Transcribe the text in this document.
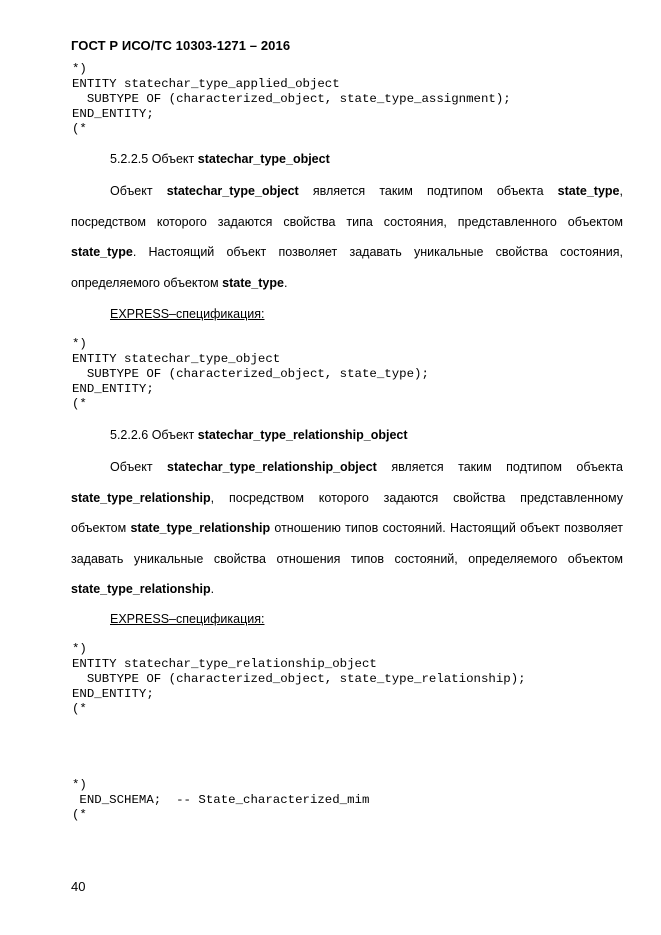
ГОСТ Р ИСО/ТС 10303-1271 – 2016
*)
ENTITY statechar_type_applied_object
SUBTYPE OF (characterized_object, state_type_assignment);
END_ENTITY;
(*
5.2.2.5 Объект statechar_type_object
Объект statechar_type_object является таким подтипом объекта state_type, посредством которого задаются свойства типа состояния, представленного объектом state_type. Настоящий объект позволяет задавать уникальные свойства состояния, определяемого объектом state_type.
EXPRESS–спецификация:
*)
ENTITY statechar_type_object
SUBTYPE OF (characterized_object, state_type);
END_ENTITY;
(*
5.2.2.6 Объект statechar_type_relationship_object
Объект statechar_type_relationship_object является таким подтипом объекта state_type_relationship, посредством которого задаются свойства представленному объектом state_type_relationship отношению типов состояний. Настоящий объект позволяет задавать уникальные свойства отношения типов состояний, определяемого объектом state_type_relationship.
EXPRESS–спецификация:
*)
ENTITY statechar_type_relationship_object
SUBTYPE OF (characterized_object, state_type_relationship);
END_ENTITY;
(*
*)
END_SCHEMA;  -- State_characterized_mim
(*
40
